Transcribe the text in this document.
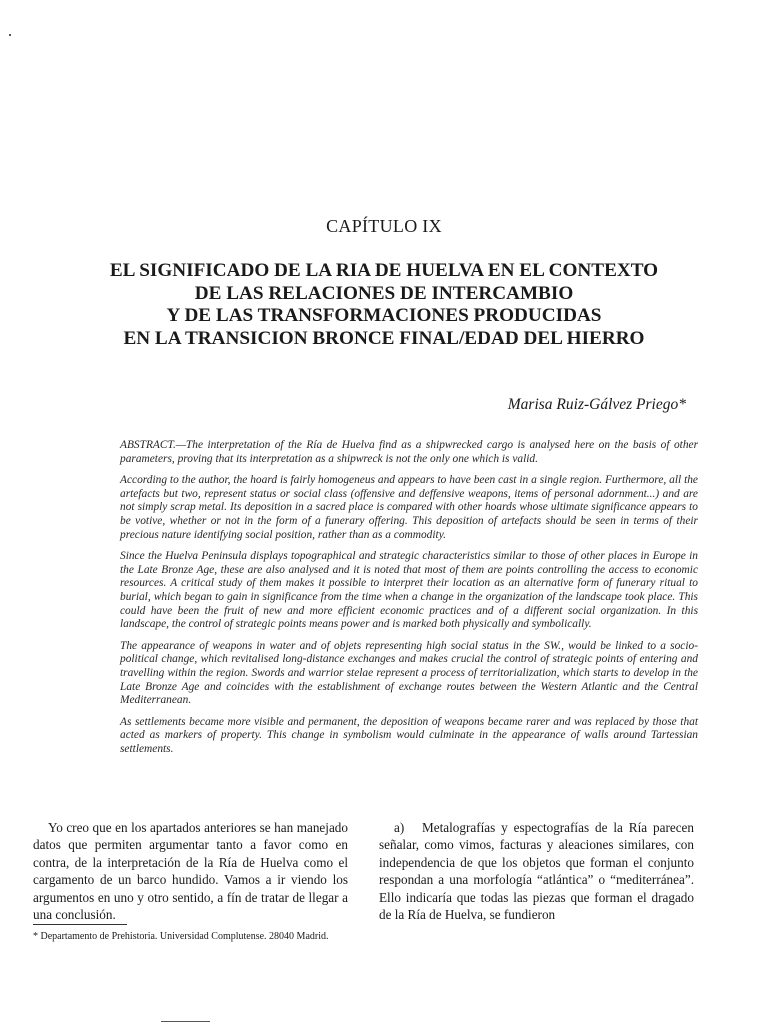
CAPÍTULO IX
EL SIGNIFICADO DE LA RIA DE HUELVA EN EL CONTEXTO
DE LAS RELACIONES DE INTERCAMBIO
Y DE LAS TRANSFORMACIONES PRODUCIDAS
EN LA TRANSICION BRONCE FINAL/EDAD DEL HIERRO
Marisa Ruiz-Gálvez Priego*

ABSTRACT.—The interpretation of the Ría de Huelva find as a shipwrecked cargo is analysed here on the basis of other parameters, proving that its interpretation as a shipwreck is not the only one which is valid.

According to the author, the hoard is fairly homogeneus and appears to have been cast in a single region. Furthermore, all the artefacts but two, represent status or social class (offensive and deffensive weapons, items of personal adornment...) and are not simply scrap metal. Its deposition in a sacred place is compared with other hoards whose ultimate significance appears to be votive, whether or not in the form of a funerary offering. This deposition of artefacts should be seen in terms of their precious nature identifying social position, rather than as a commodity.

Since the Huelva Peninsula displays topographical and strategic characteristics similar to those of other places in Europe in the Late Bronze Age, these are also analysed and it is noted that most of them are points controlling the access to economic resources. A critical study of them makes it possible to interpret their location as an alternative form of funerary ritual to burial, which began to gain in significance from the time when a change in the organization of the landscape took place. This could have been the fruit of new and more efficient economic practices and of a different social organization. In this landscape, the control of strategic points means power and is marked both physically and symbolically.

The appearance of weapons in water and of objets representing high social status in the SW., would be linked to a socio-political change, which revitalised long-distance exchanges and makes crucial the control of strategic points of entering and travelling within the region. Swords and warrior stelae represent a process of territorialization, which starts to develop in the Late Bronze Age and coincides with the establishment of exchange routes between the Western Atlantic and the Central Mediterranean.

As settlements became more visible and permanent, the deposition of weapons became rarer and was replaced by those that acted as markers of property. This change in symbolism would culminate in the appearance of walls around Tartessian settlements.

Yo creo que en los apartados anteriores se han manejado datos que permiten argumentar tanto a favor como en contra, de la interpretación de la Ría de Huelva como el cargamento de un barco hundido. Vamos a ir viendo los argumentos en uno y otro sentido, a fín de tratar de llegar a una conclusión.

a) Metalografías y espectografías de la Ría parecen señalar, como vimos, facturas y aleaciones similares, con independencia de que los objetos que forman el conjunto respondan a una morfología “atlántica” o “mediterránea”. Ello indicaría que todas las piezas que forman el dragado de la Ría de Huelva, se fundieron

* Departamento de Prehistoria. Universidad Complutense. 28040 Madrid.
